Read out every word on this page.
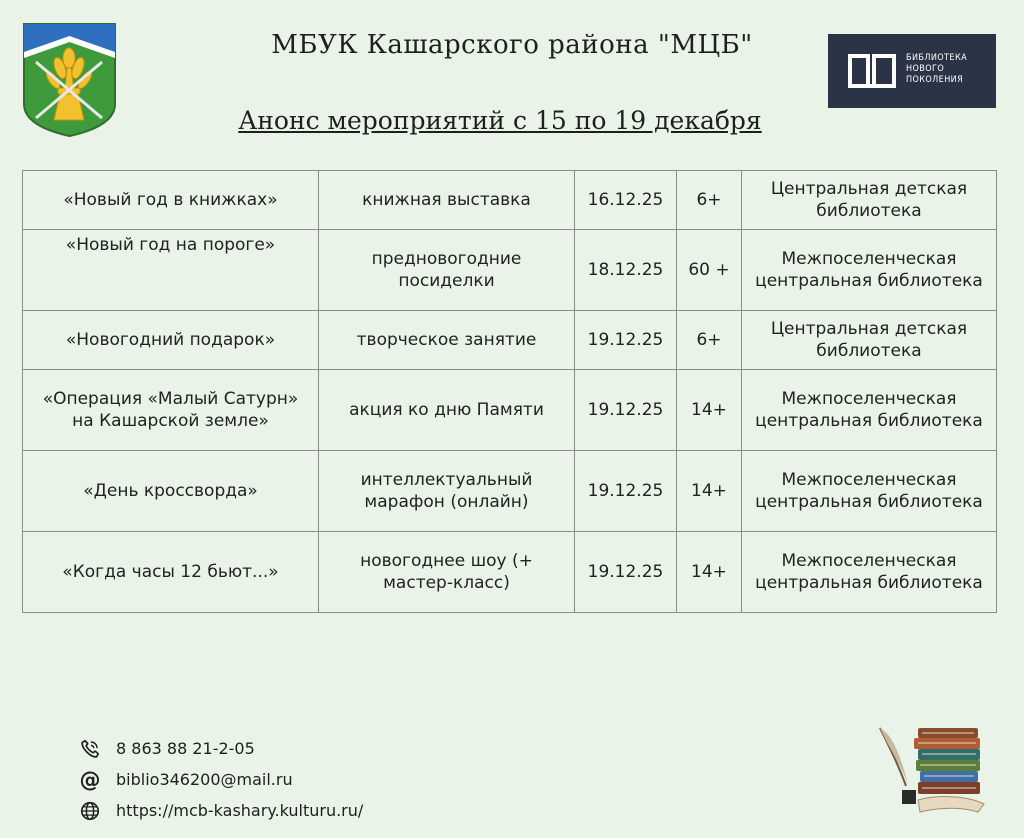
МБУК Кашарского района "МЦБ"
Анонс мероприятий с 15 по 19 декабря
БИБЛИОТЕКА
НОВОГО
ПОКОЛЕНИЯ
«Новый год в книжках»	книжная выставка	16.12.25	6+	Центральная детская библиотека
«Новый год на пороге»	предновогодние посиделки	18.12.25	60 +	Межпоселенческая центральная библиотека
«Новогодний подарок»	творческое занятие	19.12.25	6+	Центральная детская библиотека
«Операция «Малый Сатурн» на Кашарской земле»	акция ко дню Памяти	19.12.25	14+	Межпоселенческая центральная библиотека
«День кроссворда»	интеллектуальный марафон (онлайн)	19.12.25	14+	Межпоселенческая центральная библиотека
«Когда часы 12 бьют...»	новогоднее шоу (+ мастер-класс)	19.12.25	14+	Межпоселенческая центральная библиотека
8 863 88 21-2-05
@ biblio346200@mail.ru
https://mcb-kashary.kulturu.ru/
